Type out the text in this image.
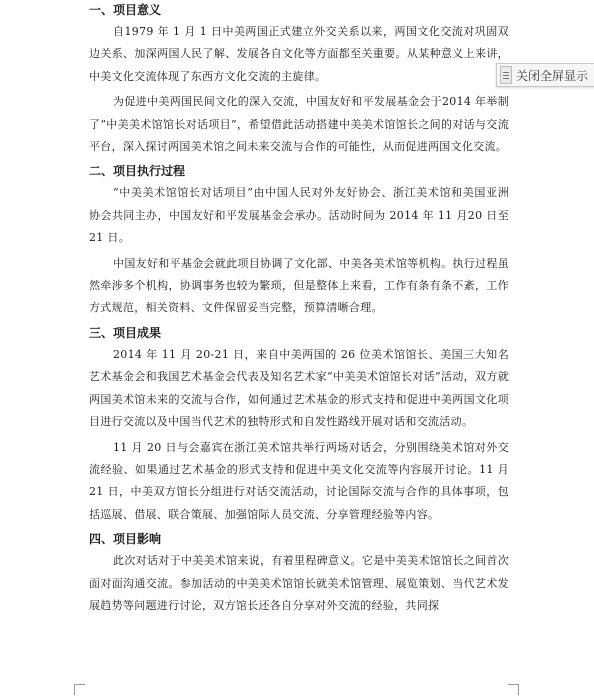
一、项目意义

自1979 年 1 月 1 日中美两国正式建立外交关系以来，两国文化交流对巩固双边关系、加深两国人民了解、发展各自文化等方面都至关重要。从某种意义上来讲，中美文化交流体现了东西方文化交流的主旋律。

为促进中美两国民间文化的深入交流，中国友好和平发展基金会于2014 年举制了“中美美术馆馆长对话项目”，希望借此活动搭建中美美术馆馆长之间的对话与交流平台，深入探讨两国美术馆之间未来交流与合作的可能性，从而促进两国文化交流。

二、项目执行过程

“中美美术馆馆长对话项目”由中国人民对外友好协会、浙江美术馆和美国亚洲协会共同主办，中国友好和平发展基金会承办。活动时间为 2014 年 11 月20 日至21 日。

中国友好和平基金会就此项目协调了文化部、中美各美术馆等机构。执行过程虽然牵涉多个机构，协调事务也较为繁琐，但是整体上来看，工作有条有条不紊，工作方式规范，相关资料、文件保留妥当完整，预算清晰合理。

三、项目成果

2014 年 11 月 20-21 日，来自中美两国的 26 位美术馆馆长、美国三大知名艺术基金会和我国艺术基金会代表及知名艺术家“中美美术馆馆长对话”活动，双方就两国美术馆未来的交流与合作，如何通过艺术基金的形式支持和促进中美两国文化项目进行交流以及中国当代艺术的独特形式和自发性路线开展对话和交流活动。

11 月 20 日与会嘉宾在浙江美术馆共举行两场对话会，分别围绕美术馆对外交流经验、如果通过艺术基金的形式支持和促进中美文化交流等内容展开讨论。11 月 21 日，中美双方馆长分组进行对话交流活动，讨论国际交流与合作的具体事项，包括巡展、借展、联合策展、加强馆际人员交流、分享管理经验等内容。

四、项目影响

此次对话对于中美美术馆来说，有着里程碑意义。它是中美美术馆馆长之间首次面对面沟通交流。参加活动的中美美术馆馆长就美术馆管理、展览策划、当代艺术发展趋势等问题进行讨论，双方馆长还各自分享对外交流的经验，共同探

关闭全屏显示
